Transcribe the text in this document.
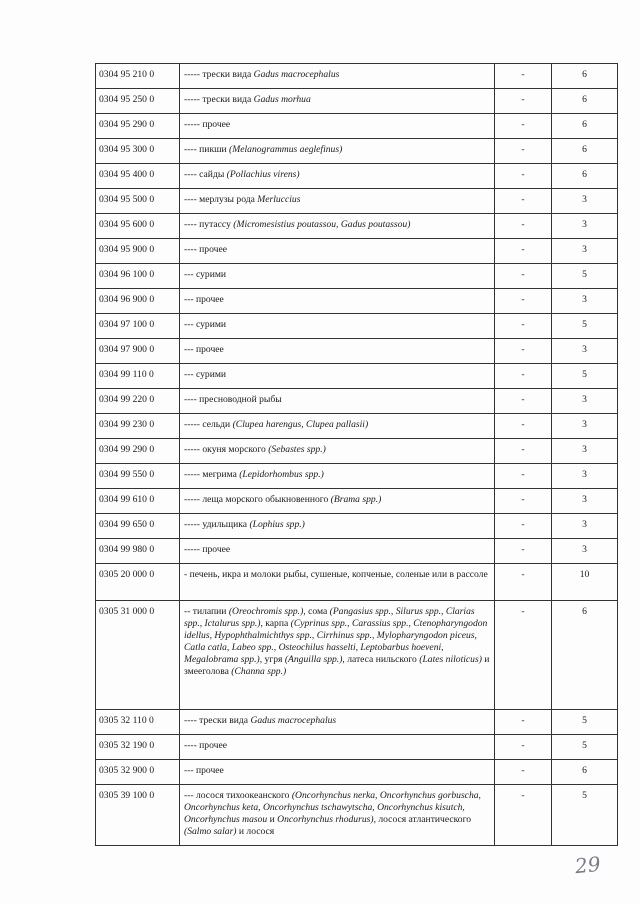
0304 95 210 0	----- трески вида Gadus macrocephalus	-	6
0304 95 250 0	----- трески вида Gadus morhua	-	6
0304 95 290 0	----- прочее	-	6
0304 95 300 0	---- пикши (Melanogrammus aeglefinus)	-	6
0304 95 400 0	---- сайды (Pollachius virens)	-	6
0304 95 500 0	---- мерлузы рода Merluccius	-	3
0304 95 600 0	---- путассу (Micromesistius poutassou, Gadus poutassou)	-	3
0304 95 900 0	---- прочее	-	3
0304 96 100 0	--- сурими	-	5
0304 96 900 0	--- прочее	-	3
0304 97 100 0	--- сурими	-	5
0304 97 900 0	--- прочее	-	3
0304 99 110 0	--- сурими	-	5
0304 99 220 0	---- пресноводной рыбы	-	3
0304 99 230 0	----- сельди (Clupea harengus, Clupea pallasii)	-	3
0304 99 290 0	----- окуня морского (Sebastes spp.)	-	3
0304 99 550 0	----- мегрима (Lepidorhombus spp.)	-	3
0304 99 610 0	----- леща морского обыкновенного (Brama spp.)	-	3
0304 99 650 0	----- удильщика (Lophius spp.)	-	3
0304 99 980 0	----- прочее	-	3
0305 20 000 0	- печень, икра и молоки рыбы, сушеные, копченые, соленые или в рассоле	-	10
0305 31 000 0	-- тилапии (Oreochromis spp.), сома (Pangasius spp., Silurus spp., Clarias spp., Ictalurus spp.), карпа (Cyprinus spp., Carassius spp., Ctenopharyngodon idellus, Hypophthalmichthys spp., Cirrhinus spp., Mylopharyngodon piceus, Catla catla, Labeo spp., Osteochilus hasselti, Leptobarbus hoeveni, Megalobrama spp.), угря (Anguilla spp.), латеса нильского (Lates niloticus) и змееголова (Channa spp.)	-	6
0305 32 110 0	---- трески вида Gadus macrocephalus	-	5
0305 32 190 0	---- прочее	-	5
0305 32 900 0	--- прочее	-	6
0305 39 100 0	--- лосося тихоокеанского (Oncorhynchus nerka, Oncorhynchus gorbuscha, Oncorhynchus keta, Oncorhynchus tschawytscha, Oncorhynchus kisutch, Oncorhynchus masou и Oncorhynchus rhodurus), лосося атлантического (Salmo salar) и лосося	-	5
29
